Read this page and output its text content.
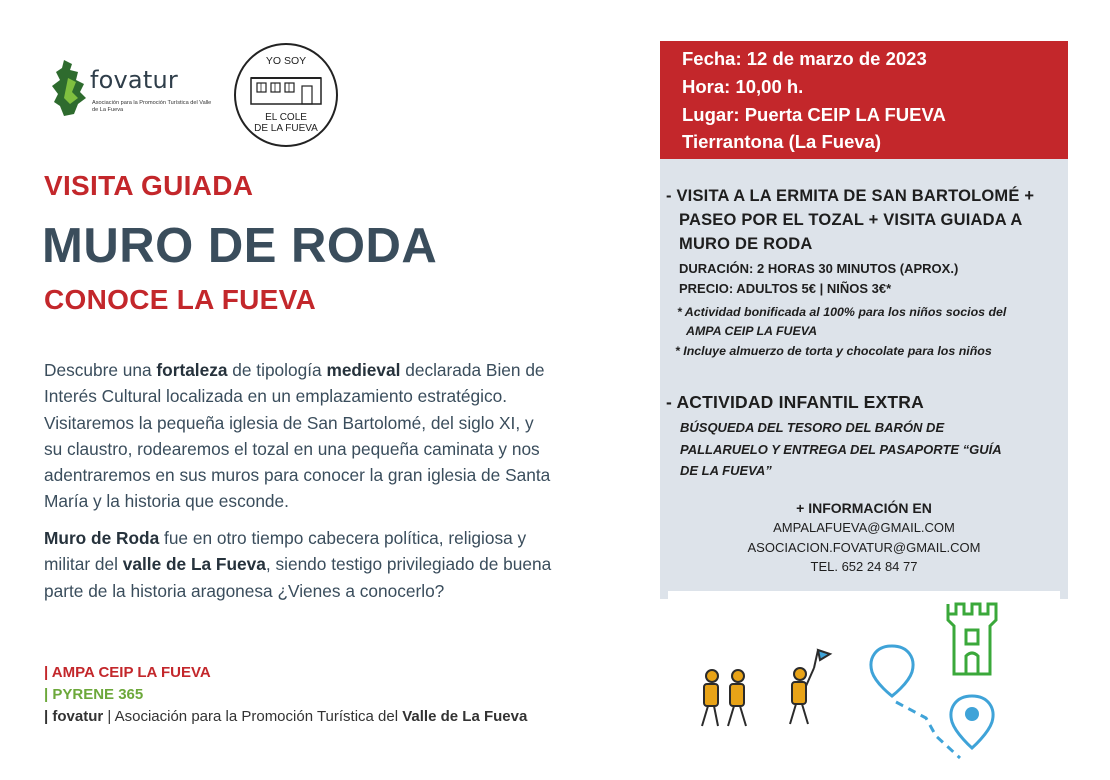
fovatur
Asociación para la Promoción Turística del Valle de La Fueva
YO SOY
EL COLE
DE LA FUEVA
VISITA GUIADA
MURO DE RODA
CONOCE LA FUEVA
Descubre una fortaleza de tipología medieval declarada Bien de
Interés Cultural localizada en un emplazamiento estratégico.
Visitaremos la pequeña iglesia de San Bartolomé, del siglo XI, y
su claustro, rodearemos el tozal en una pequeña caminata y nos
adentraremos en sus muros para conocer la gran iglesia de Santa
María y la historia que esconde.
Muro de Roda fue en otro tiempo cabecera política, religiosa y
militar del valle de La Fueva, siendo testigo privilegiado de buena
parte de la historia aragonesa ¿Vienes a conocerlo?
| AMPA CEIP LA FUEVA
| PYRENE 365
| fovatur | Asociación para la Promoción Turística del Valle de La Fueva
Fecha: 12 de marzo de 2023
Hora: 10,00 h.
Lugar: Puerta CEIP LA FUEVA
Tierrantona (La Fueva)
- VISITA A LA ERMITA DE SAN BARTOLOMÉ +
PASEO POR EL TOZAL + VISITA GUIADA A
MURO DE RODA
DURACIÓN: 2 HORAS 30 MINUTOS (APROX.)
PRECIO: ADULTOS 5€ | NIÑOS 3€*
* Actividad bonificada al 100% para los niños socios del
AMPA CEIP LA FUEVA
* Incluye almuerzo de torta y chocolate para los niños
- ACTIVIDAD INFANTIL EXTRA
BÚSQUEDA DEL TESORO DEL BARÓN DE
PALLARUELO Y ENTREGA DEL PASAPORTE “GUÍA
DE LA FUEVA”
+ INFORMACIÓN EN
AMPALAFUEVA@GMAIL.COM
ASOCIACION.FOVATUR@GMAIL.COM
TEL. 652 24 84 77
